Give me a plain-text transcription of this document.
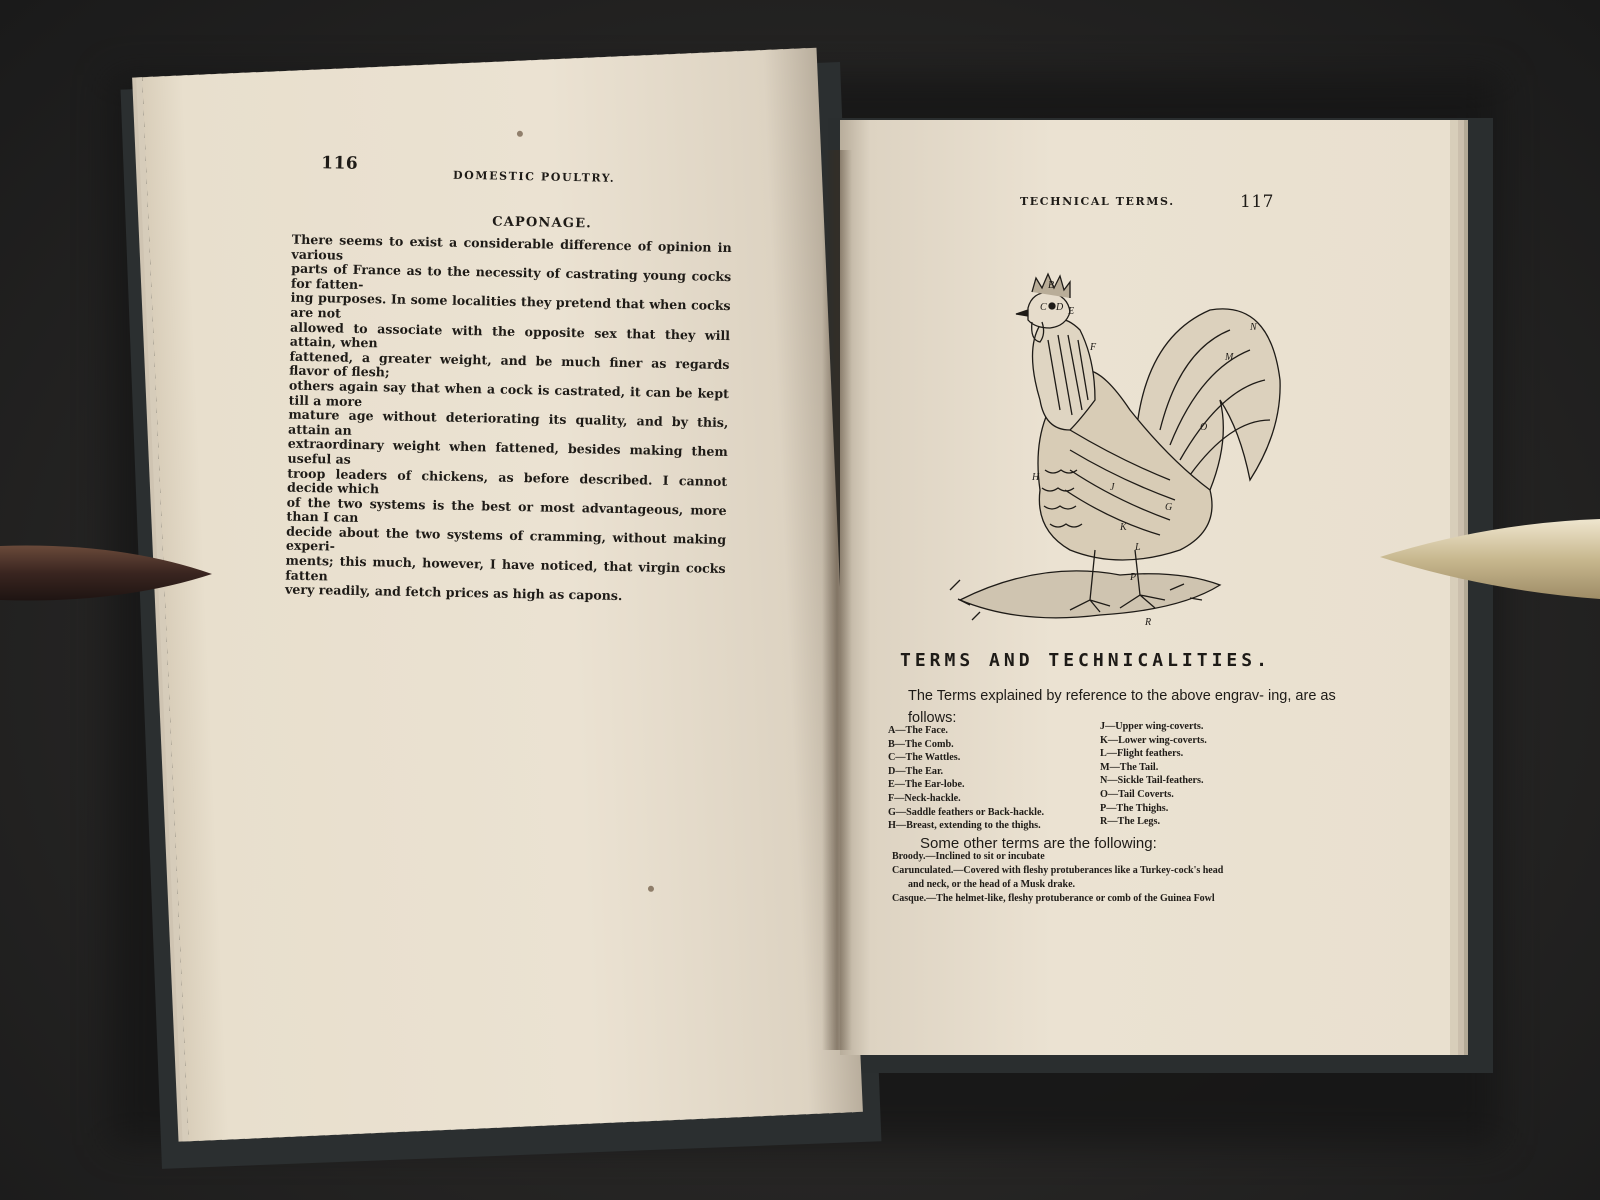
116
DOMESTIC POULTRY.
CAPONAGE.
There seems to exist a considerable difference of opinion in various
parts of France as to the necessity of castrating young cocks for fatten-
ing purposes. In some localities they pretend that when cocks are not
allowed to associate with the opposite sex that they will attain, when
fattened, a greater weight, and be much finer as regards flavor of flesh;
others again say that when a cock is castrated, it can be kept till a more
mature age without deteriorating its quality, and by this, attain an
extraordinary weight when fattened, besides making them useful as
troop leaders of chickens, as before described. I cannot decide which
of the two systems is the best or most advantageous, more than I can
decide about the two systems of cramming, without making experi-
ments; this much, however, I have noticed, that virgin cocks fatten
very readily, and fetch prices as high as capons.
TECHNICAL TERMS.	117
B
D
C E
F
H
J
K
G
L
M
N
O
P
R
TERMS AND TECHNICALITIES.
The Terms explained by reference to the above engrav- ing, are as follows:
A—The Face.
B—The Comb.
C—The Wattles.
D—The Ear.
E—The Ear-lobe.
F—Neck-hackle.
G—Saddle feathers or Back-hackle.
H—Breast, extending to the thighs.
J—Upper wing-coverts.
K—Lower wing-coverts.
L—Flight feathers.
M—The Tail.
N—Sickle Tail-feathers.
O—Tail Coverts.
P—The Thighs.
R—The Legs.
Some other terms are the following:
Broody.—Inclined to sit or incubate
Carunculated.—Covered with fleshy protuberances like a Turkey-cock's head
and neck, or the head of a Musk drake.
Casque.—The helmet-like, fleshy protuberance or comb of the Guinea Fowl
